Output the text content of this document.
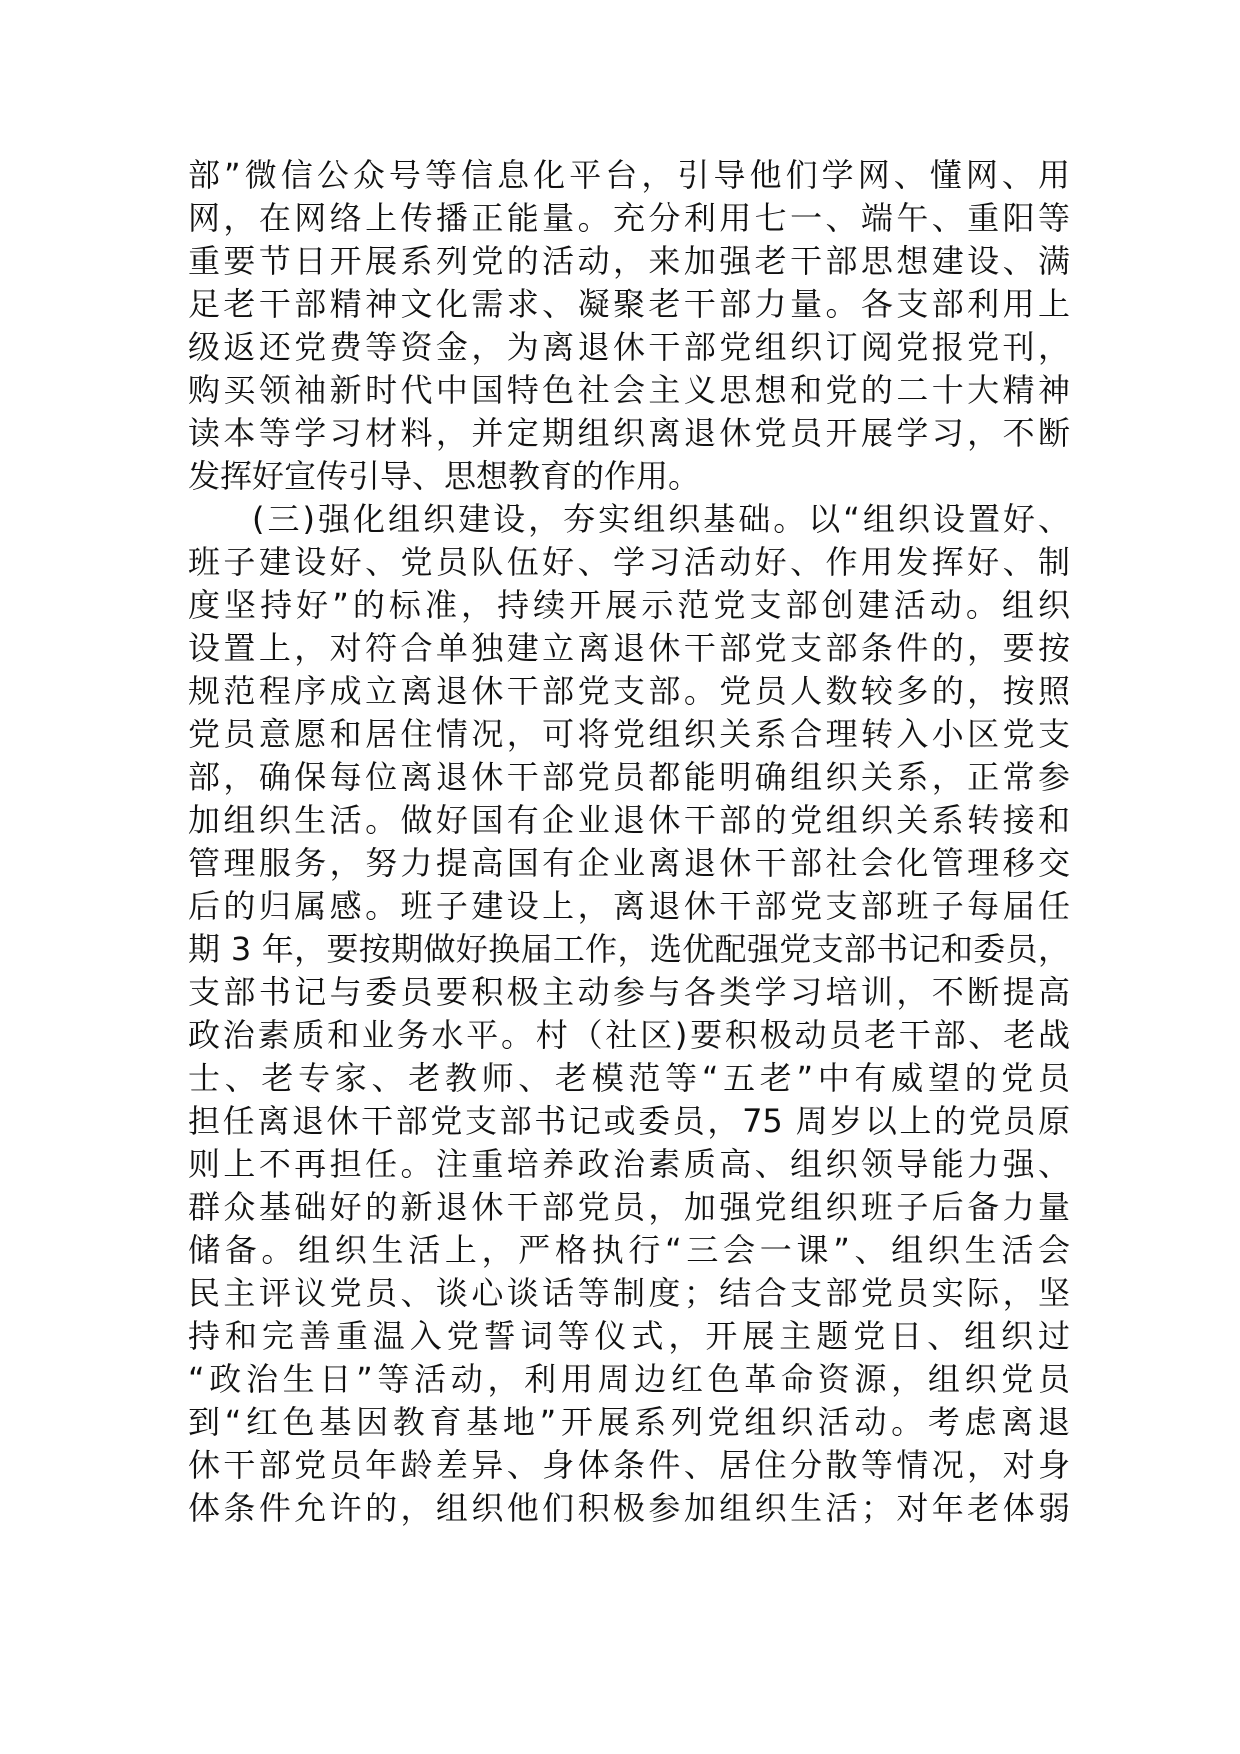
部”微信公众号等信息化平台，引导他们学网、懂网、用
网，在网络上传播正能量。充分利用七一、端午、重阳等
重要节日开展系列党的活动，来加强老干部思想建设、满
足老干部精神文化需求、凝聚老干部力量。各支部利用上
级返还党费等资金，为离退休干部党组织订阅党报党刊，
购买领袖新时代中国特色社会主义思想和党的二十大精神
读本等学习材料，并定期组织离退休党员开展学习，不断
发挥好宣传引导、思想教育的作用。
(三)强化组织建设，夯实组织基础。以“组织设置好、
班子建设好、党员队伍好、学习活动好、作用发挥好、制
度坚持好”的标准，持续开展示范党支部创建活动。组织
设置上，对符合单独建立离退休干部党支部条件的，要按
规范程序成立离退休干部党支部。党员人数较多的，按照
党员意愿和居住情况，可将党组织关系合理转入小区党支
部，确保每位离退休干部党员都能明确组织关系，正常参
加组织生活。做好国有企业退休干部的党组织关系转接和
管理服务，努力提高国有企业离退休干部社会化管理移交
后的归属感。班子建设上，离退休干部党支部班子每届任
期 3 年，要按期做好换届工作，选优配强党支部书记和委员，
支部书记与委员要积极主动参与各类学习培训，不断提高
政治素质和业务水平。村（社区)要积极动员老干部、老战
士、老专家、老教师、老模范等“五老”中有威望的党员
担任离退休干部党支部书记或委员，75 周岁以上的党员原
则上不再担任。注重培养政治素质高、组织领导能力强、
群众基础好的新退休干部党员，加强党组织班子后备力量
储备。组织生活上，严格执行“三会一课”、组织生活会
民主评议党员、谈心谈话等制度；结合支部党员实际，坚
持和完善重温入党誓词等仪式，开展主题党日、组织过
“政治生日”等活动，利用周边红色革命资源，组织党员
到“红色基因教育基地”开展系列党组织活动。考虑离退
休干部党员年龄差异、身体条件、居住分散等情况，对身
体条件允许的，组织他们积极参加组织生活；对年老体弱
